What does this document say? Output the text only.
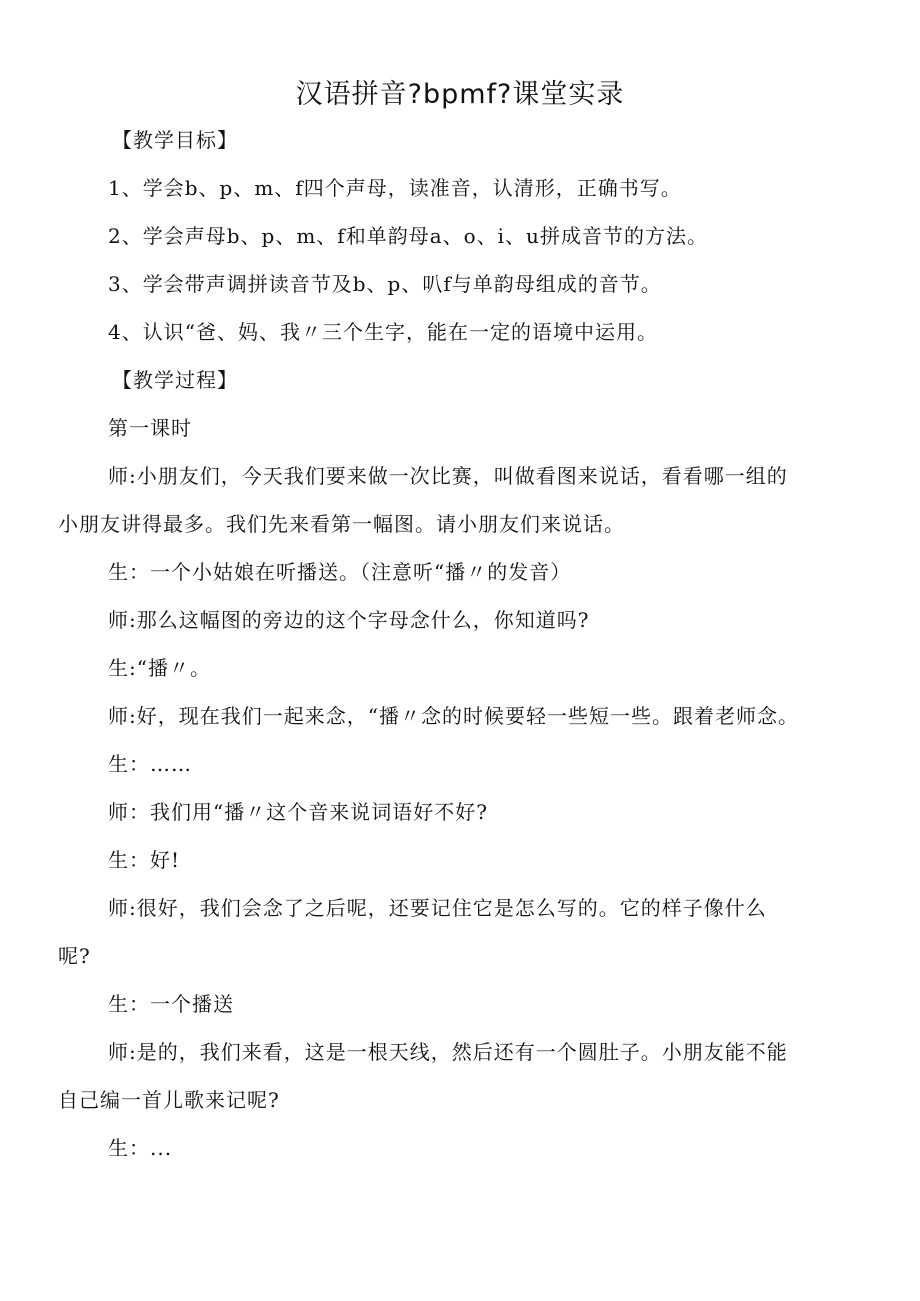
汉语拼音?bpmf?课堂实录
【教学目标】
1、学会b、p、m、f四个声母，读准音，认清形，正确书写。
2、学会声母b、p、m、f和单韵母a、o、i、u拼成音节的方法。
3、学会带声调拼读音节及b、p、叭f与单韵母组成的音节。
4、认识“爸、妈、我〃三个生字，能在一定的语境中运用。
【教学过程】
第一课时
师:小朋友们，今天我们要来做一次比赛，叫做看图来说话，看看哪一组的
小朋友讲得最多。我们先来看第一幅图。请小朋友们来说话。
生：一个小姑娘在听播送。（注意听“播〃的发音）
师:那么这幅图的旁边的这个字母念什么，你知道吗?
生:“播〃。
师:好，现在我们一起来念，“播〃念的时候要轻一些短一些。跟着老师念。
生：……
师：我们用“播〃这个音来说词语好不好?
生：好!
师:很好，我们会念了之后呢，还要记住它是怎么写的。它的样子像什么
呢?
生：一个播送
师:是的，我们来看，这是一根天线，然后还有一个圆肚子。小朋友能不能
自己编一首儿歌来记呢?
生：...
